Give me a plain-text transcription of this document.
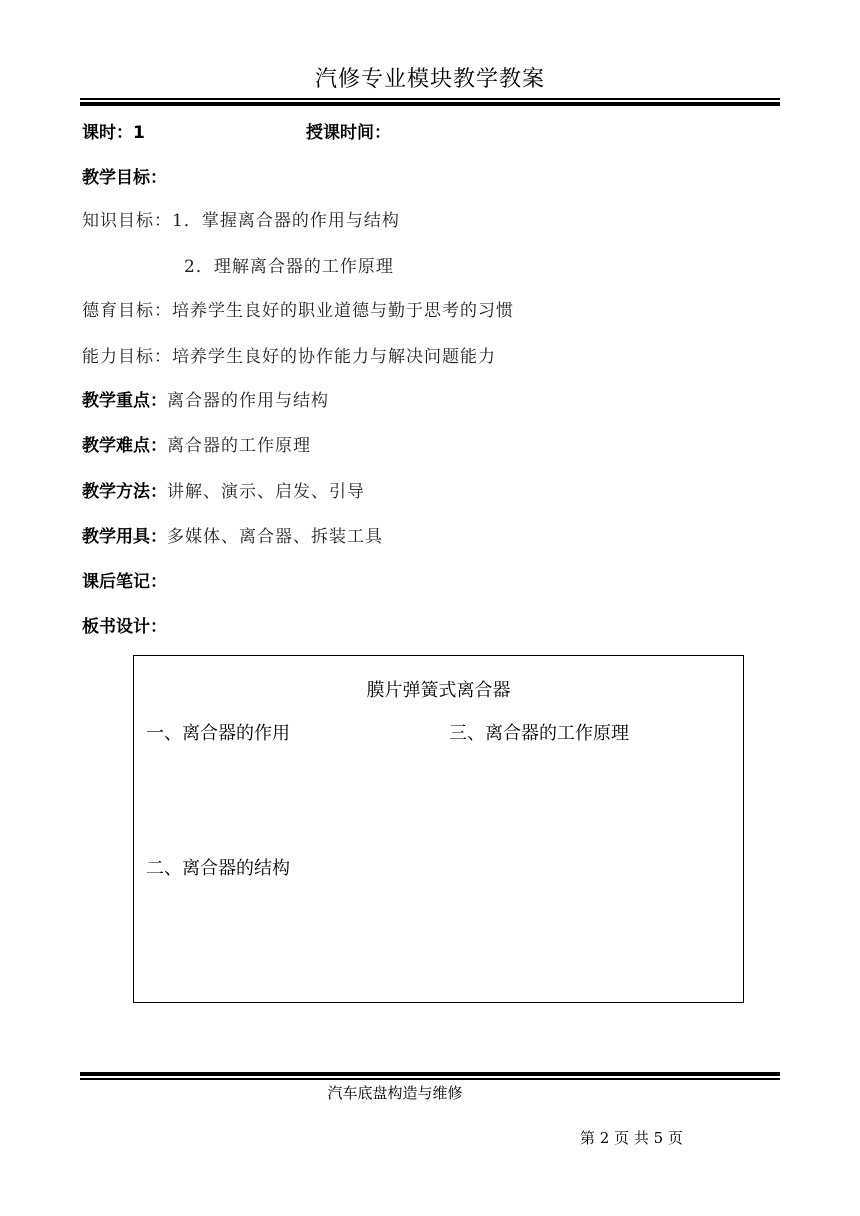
汽修专业模块教学教案
课时：1	授课时间：
教学目标：
知识目标：1．掌握离合器的作用与结构
2．理解离合器的工作原理
德育目标：培养学生良好的职业道德与勤于思考的习惯
能力目标：培养学生良好的协作能力与解决问题能力
教学重点：离合器的作用与结构
教学难点：离合器的工作原理
教学方法：讲解、演示、启发、引导
教学用具：多媒体、离合器、拆装工具
课后笔记：
板书设计：
膜片弹簧式离合器
一、离合器的作用	三、离合器的工作原理
二、离合器的结构
汽车底盘构造与维修
第 2 页 共 5 页
